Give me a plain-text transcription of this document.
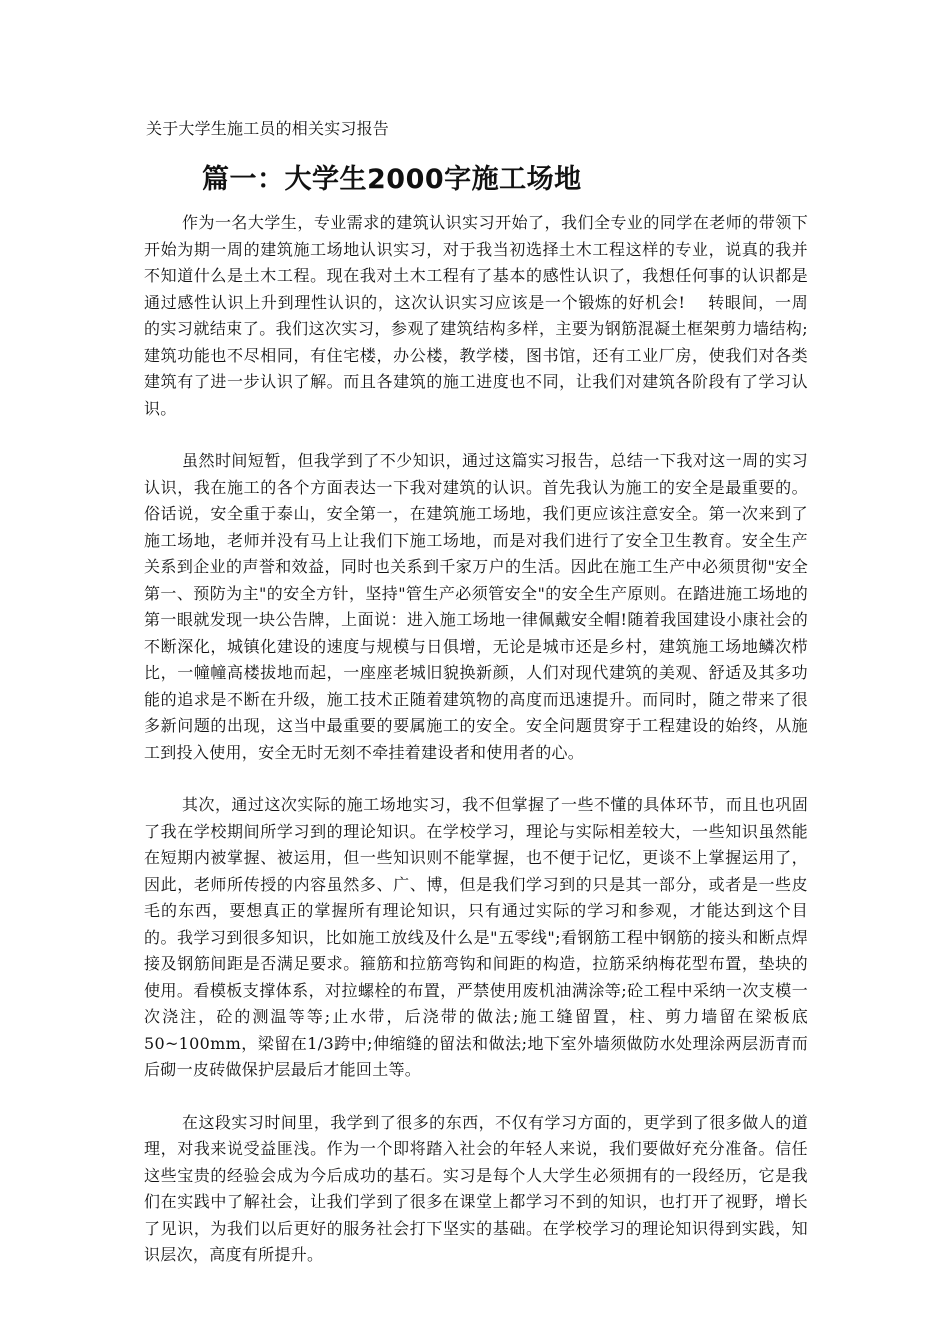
关于大学生施工员的相关实习报告
篇一：大学生2000字施工场地

作为一名大学生，专业需求的建筑认识实习开始了，我们全专业的同学在老师的带领下开始为期一周的建筑施工场地认识实习，对于我当初选择土木工程这样的专业，说真的我并不知道什么是土木工程。现在我对土木工程有了基本的感性认识了，我想任何事的认识都是通过感性认识上升到理性认识的，这次认识实习应该是一个锻炼的好机会!　 转眼间，一周的实习就结束了。我们这次实习，参观了建筑结构多样，主要为钢筋混凝土框架剪力墙结构;建筑功能也不尽相同，有住宅楼，办公楼，教学楼，图书馆，还有工业厂房，使我们对各类建筑有了进一步认识了解。而且各建筑的施工进度也不同，让我们对建筑各阶段有了学习认识。

虽然时间短暂，但我学到了不少知识，通过这篇实习报告，总结一下我对这一周的实习认识，我在施工的各个方面表达一下我对建筑的认识。首先我认为施工的安全是最重要的。俗话说，安全重于泰山，安全第一，在建筑施工场地，我们更应该注意安全。第一次来到了施工场地，老师并没有马上让我们下施工场地，而是对我们进行了安全卫生教育。安全生产关系到企业的声誉和效益，同时也关系到千家万户的生活。因此在施工生产中必须贯彻"安全第一、预防为主"的安全方针，坚持"管生产必须管安全"的安全生产原则。在踏进施工场地的第一眼就发现一块公告牌，上面说：进入施工场地一律佩戴安全帽!随着我国建设小康社会的不断深化，城镇化建设的速度与规模与日俱增，无论是城市还是乡村，建筑施工场地鳞次栉比，一幢幢高楼拔地而起，一座座老城旧貌换新颜，人们对现代建筑的美观、舒适及其多功能的追求是不断在升级，施工技术正随着建筑物的高度而迅速提升。而同时，随之带来了很多新问题的出现，这当中最重要的要属施工的安全。安全问题贯穿于工程建设的始终，从施工到投入使用，安全无时无刻不牵挂着建设者和使用者的心。

其次，通过这次实际的施工场地实习，我不但掌握了一些不懂的具体环节，而且也巩固了我在学校期间所学习到的理论知识。在学校学习，理论与实际相差较大，一些知识虽然能在短期内被掌握、被运用，但一些知识则不能掌握，也不便于记忆，更谈不上掌握运用了，因此，老师所传授的内容虽然多、广、博，但是我们学习到的只是其一部分，或者是一些皮毛的东西，要想真正的掌握所有理论知识，只有通过实际的学习和参观，才能达到这个目的。我学习到很多知识，比如施工放线及什么是"五零线";看钢筋工程中钢筋的接头和断点焊接及钢筋间距是否满足要求。箍筋和拉筋弯钩和间距的构造，拉筋采纳梅花型布置，垫块的使用。看模板支撑体系，对拉螺栓的布置，严禁使用废机油满涂等;砼工程中采纳一次支模一次浇注，砼的测温等等;止水带，后浇带的做法;施工缝留置，柱、剪力墙留在梁板底　 50~100mm，梁留在1/3跨中;伸缩缝的留法和做法;地下室外墙须做防水处理涂两层沥青而后砌一皮砖做保护层最后才能回土等。

在这段实习时间里，我学到了很多的东西，不仅有学习方面的，更学到了很多做人的道理，对我来说受益匪浅。作为一个即将踏入社会的年轻人来说，我们要做好充分准备。信任这些宝贵的经验会成为今后成功的基石。实习是每个人大学生必须拥有的一段经历，它是我们在实践中了解社会，让我们学到了很多在课堂上都学习不到的知识，也打开了视野，增长了见识，为我们以后更好的服务社会打下坚实的基础。在学校学习的理论知识得到实践，知识层次，高度有所提升。
